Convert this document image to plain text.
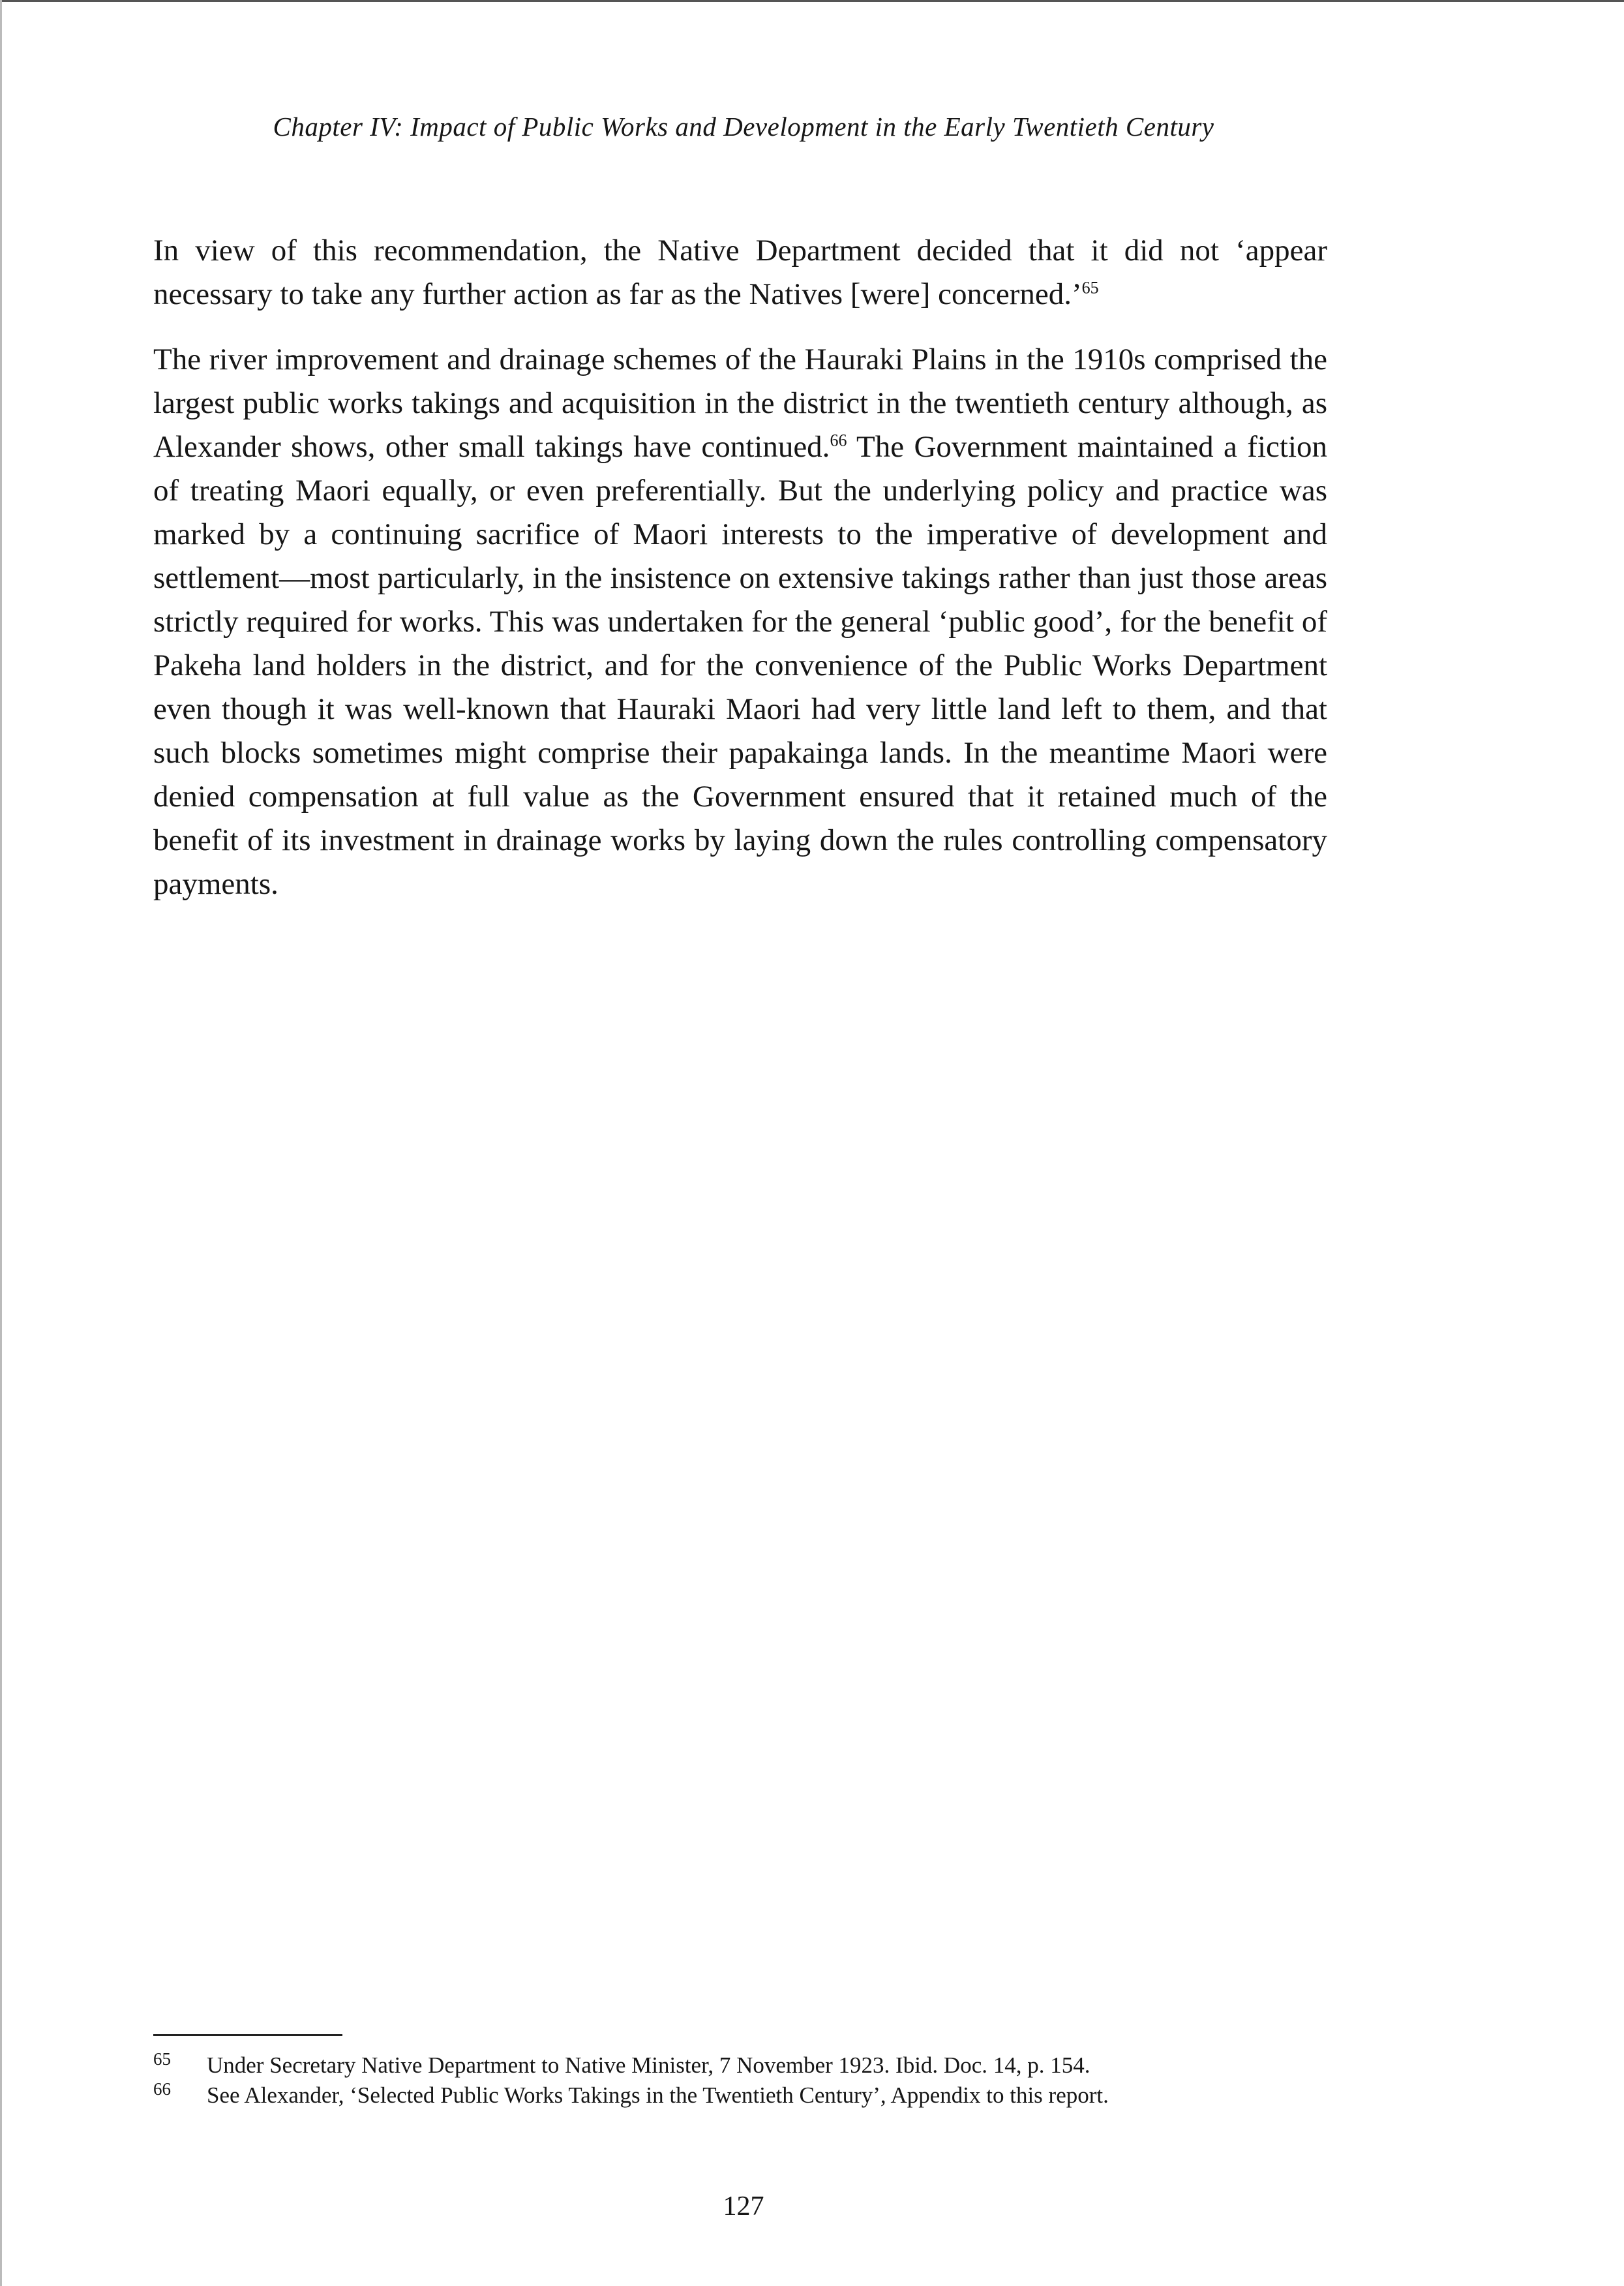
Chapter IV: Impact of Public Works and Development in the Early Twentieth Century

In view of this recommendation, the Native Department decided that it did not ‘appear necessary to take any further action as far as the Natives [were] concerned.’$^{65}$

The river improvement and drainage schemes of the Hauraki Plains in the 1910s comprised the largest public works takings and acquisition in the district in the twentieth century although, as Alexander shows, other small takings have continued.$^{66}$ The Government maintained a fiction of treating Maori equally, or even preferentially. But the underlying policy and practice was marked by a continuing sacrifice of Maori interests to the imperative of development and settlement—most particularly, in the insistence on extensive takings rather than just those areas strictly required for works. This was undertaken for the general ‘public good’, for the benefit of Pakeha land holders in the district, and for the convenience of the Public Works Department even though it was well-known that Hauraki Maori had very little land left to them, and that such blocks sometimes might comprise their papakainga lands. In the meantime Maori were denied compensation at full value as the Government ensured that it retained much of the benefit of its investment in drainage works by laying down the rules controlling compensatory payments.

65 Under Secretary Native Department to Native Minister, 7 November 1923. Ibid. Doc. 14, p. 154.
66 See Alexander, ‘Selected Public Works Takings in the Twentieth Century’, Appendix to this report.
127
